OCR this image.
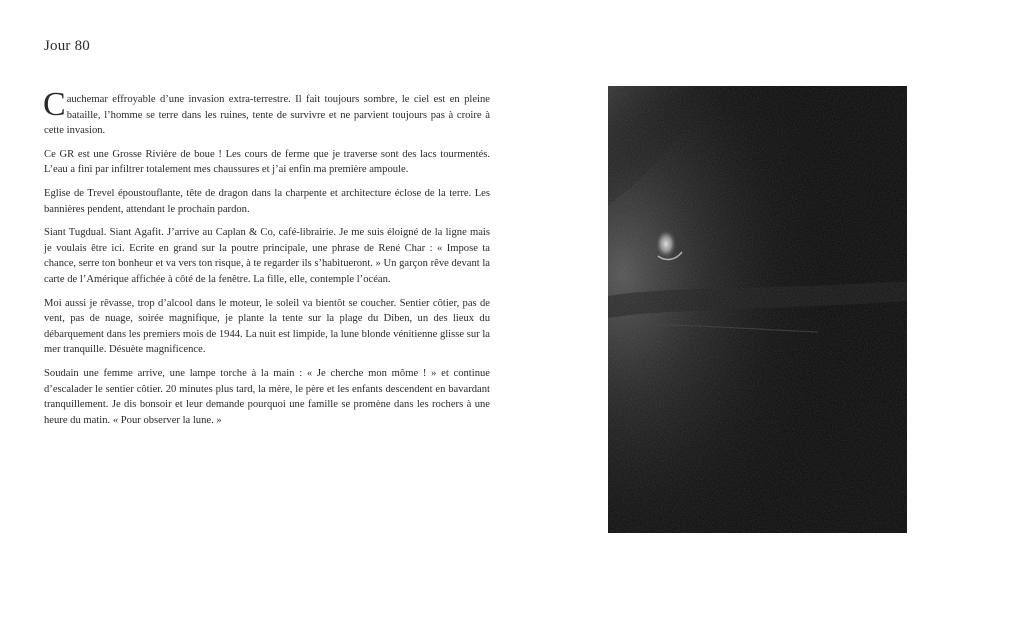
Jour 80

Cauchemar effroyable d’une invasion extra-terrestre. Il fait toujours sombre, le ciel est en pleine bataille, l’homme se terre dans les ruines, tente de survivre et ne parvient toujours pas à croire à cette invasion.

Ce GR est une Grosse Rivière de boue ! Les cours de ferme que je traverse sont des lacs tourmentés. L’eau a fini par infiltrer totalement mes chaussures et j’ai enfin ma première ampoule.

Eglise de Trevel époustouflante, tête de dragon dans la charpente et architecture éclose de la terre. Les bannières pendent, attendant le prochain pardon.

Siant Tugdual. Siant Agafit. J’arrive au Caplan & Co, café-librairie. Je me suis éloigné de la ligne mais je voulais être ici. Ecrite en grand sur la poutre principale, une phrase de René Char : « Impose ta chance, serre ton bonheur et va vers ton risque, à te regarder ils s’habitueront. » Un garçon rêve devant la carte de l’Amérique affichée à côté de la fenêtre. La fille, elle, contemple l’océan.

Moi aussi je rêvasse, trop d’alcool dans le moteur, le soleil va bientôt se coucher. Sentier côtier, pas de vent, pas de nuage, soirée magnifique, je plante la tente sur la plage du Diben, un des lieux du débarquement dans les premiers mois de 1944. La nuit est limpide, la lune blonde vénitienne glisse sur la mer tranquille. Désuète magnificence.

Soudain une femme arrive, une lampe torche à la main : « Je cherche mon môme ! » et continue d’escalader le sentier côtier. 20 minutes plus tard, la mère, le père et les enfants descendent en bavardant tranquillement. Je dis bonsoir et leur demande pourquoi une famille se promène dans les rochers à une heure du matin. « Pour observer la lune. »
